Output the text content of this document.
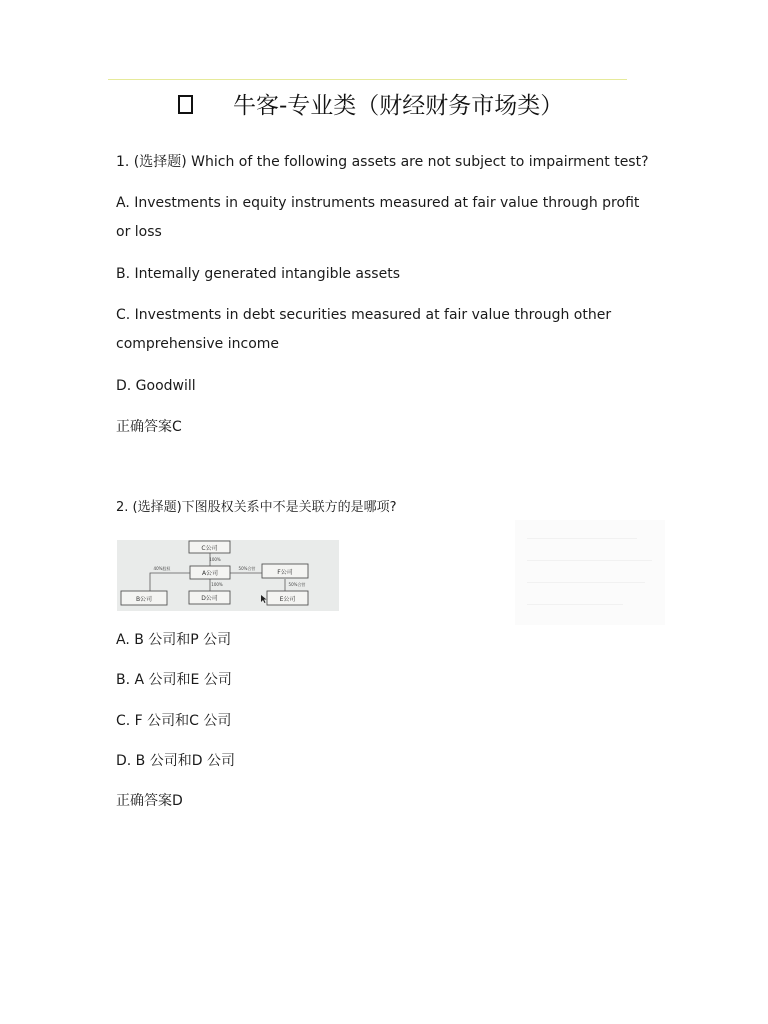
牛客-专业类（财经财务市场类）
1. (选择题) Which of the following assets are not subject to impairment test?
A. Investments in equity instruments measured at fair value through profit or loss
B. Intemally generated intangible assets
C. Investments in debt securities measured at fair value through other comprehensive income
D. Goodwill
正确答案C
2. (选择题)下图股权关系中不是关联方的是哪项?
C公司
A公司	F公司
B公司	D公司	E公司
100%
40%股权	50%合营
100%	50%合营
A. B 公司和P 公司
B. A 公司和E 公司
C. F 公司和C 公司
D. B 公司和D 公司
正确答案D
